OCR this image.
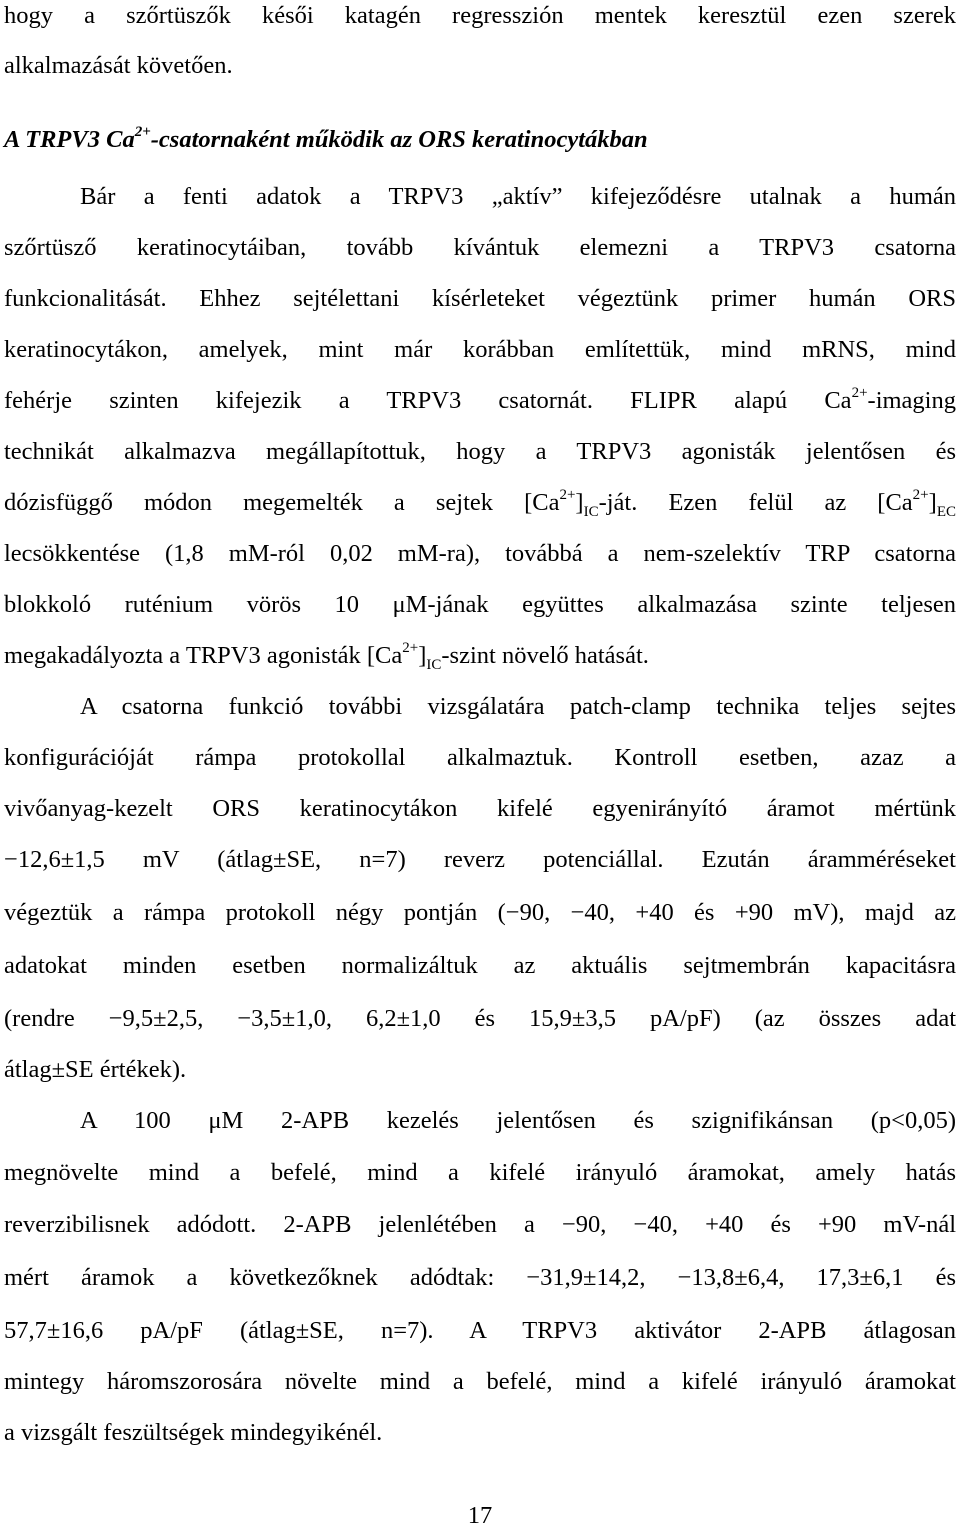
hogy a szőrtüszők késői katagén regresszión mentek keresztül ezen szerek
alkalmazását követően.
A TRPV3 $Ca^{2+}$-csatornaként működik az ORS keratinocytákban
Bár a fenti adatok a TRPV3 „aktív” kifejeződésre utalnak a humán
szőrtüsző keratinocytáiban, tovább kívántuk elemezni a TRPV3 csatorna
funkcionalitását. Ehhez sejtélettani kísérleteket végeztünk primer humán ORS
keratinocytákon, amelyek, mint már korábban említettük, mind mRNS, mind
fehérje szinten kifejezik a TRPV3 csatornát. FLIPR alapú $Ca^{2+}$-imaging
technikát alkalmazva megállapítottuk, hogy a TRPV3 agonisták jelentősen és
dózisfüggő módon megemelték a sejtek $[Ca^{2+}]_{IC}$-ját. Ezen felül az $[Ca^{2+}]_{EC}$
lecsökkentése (1,8 mM-ról 0,02 mM-ra), továbbá a nem-szelektív TRP csatorna
blokkoló ruténium vörös 10 μM-jának együttes alkalmazása szinte teljesen
megakadályozta a TRPV3 agonisták $[Ca^{2+}]_{IC}$-szint növelő hatását.
A csatorna funkció további vizsgálatára patch-clamp technika teljes sejtes
konfigurációját rámpa protokollal alkalmaztuk. Kontroll esetben, azaz a
vivőanyag-kezelt ORS keratinocytákon kifelé egyenirányító áramot mértünk
−12,6±1,5 mV (átlag±SE, n=7) reverz potenciállal. Ezután áramméréseket
végeztük a rámpa protokoll négy pontján (−90, −40, +40 és +90 mV), majd az
adatokat minden esetben normalizáltuk az aktuális sejtmembrán kapacitásra
(rendre −9,5±2,5, −3,5±1,0, 6,2±1,0 és 15,9±3,5 pA/pF) (az összes adat
átlag±SE értékek).
A 100 μM 2-APB kezelés jelentősen és szignifikánsan (p<0,05)
megnövelte mind a befelé, mind a kifelé irányuló áramokat, amely hatás
reverzibilisnek adódott. 2-APB jelenlétében a −90, −40, +40 és +90 mV-nál
mért áramok a következőknek adódtak: −31,9±14,2, −13,8±6,4, 17,3±6,1 és
57,7±16,6 pA/pF (átlag±SE, n=7). A TRPV3 aktivátor 2-APB átlagosan
mintegy háromszorosára növelte mind a befelé, mind a kifelé irányuló áramokat
a vizsgált feszültségek mindegyikénél.
17
